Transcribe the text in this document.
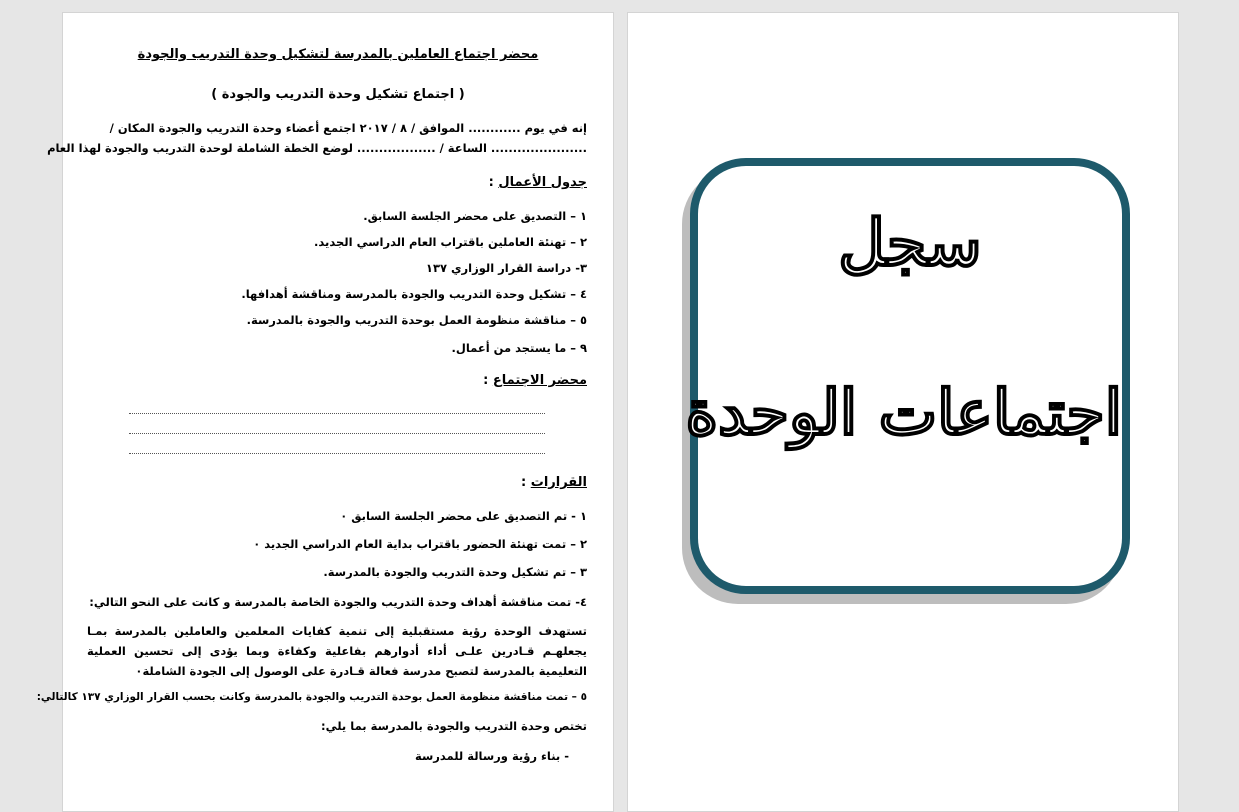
محضر اجتماع العاملين بالمدرسة لتشكيل وحدة التدريب والجودة
( اجتماع تشكيل وحدة التدريب والجودة )
إنه في يوم ............ الموافق / ٨ / ٢٠١٧ اجتمع أعضاء وحدة التدريب والجودة المكان /
...................... الساعة / .................. لوضع الخطة الشاملة لوحدة التدريب والجودة لهذا العام
جدول الأعمال :
١ – التصديق على محضر الجلسة السابق.
٢ – تهنئة العاملين باقتراب العام الدراسي الجديد.
٣- دراسة القرار الوزاري ١٣٧
٤ – تشكيل وحدة التدريب والجودة بالمدرسة ومناقشة أهدافها.
٥ – مناقشة منظومة العمل بوحدة التدريب والجودة بالمدرسة.
٩ – ما يستجد من أعمال.
محضر الاجتماع :
القرارات :
١ - تم التصديق على محضر الجلسة السابق ٠
٢ – تمت تهنئة الحضور باقتراب بداية العام الدراسي الجديد ٠
٣ – تم تشكيل وحدة التدريب والجودة بالمدرسة.
٤- تمت مناقشة أهداف وحدة التدريب والجودة الخاصة بالمدرسة و كانت على النحو التالي:
تستهدف الوحدة رؤية مستقبلية إلى تنمية كفايات المعلمين والعاملين بالمدرسة بمـا يجعلهـم قـادرين علـى أداء أدوارهم بفاعلية وكفاءة وبما يؤدى إلى تحسين العملية التعليمية بالمدرسة لتصبح مدرسة فعالة قـادرة على الوصول إلى الجودة الشاملة٠
٥ – تمت مناقشة منظومة العمل بوحدة التدريب والجودة بالمدرسة وكانت بحسب القرار الوزاري ١٣٧ كالتالي:
تختص وحدة التدريب والجودة بالمدرسة بما يلي:
- بناء رؤية ورسالة للمدرسة
سجل
اجتماعات الوحدة
